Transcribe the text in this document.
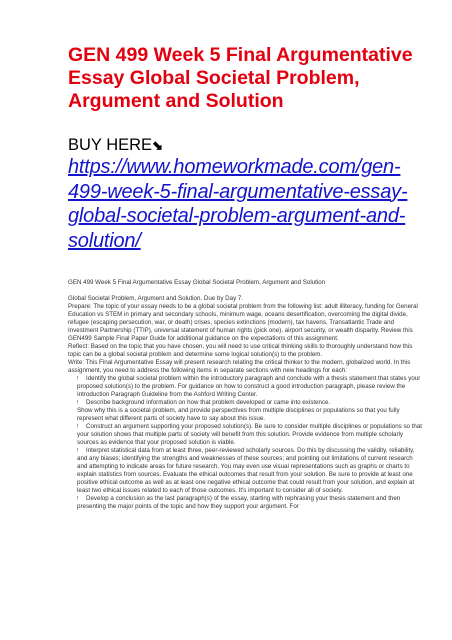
GEN 499 Week 5 Final Argumentative Essay Global Societal Problem, Argument and Solution
BUY HERE⬊
https://www.homeworkmade.com/gen-499-week-5-final-argumentative-essay-global-societal-problem-argument-and-solution/

GEN 499 Week 5 Final Argumentative Essay Global Societal Problem, Argument and Solution

Global Societal Problem, Argument and Solution. Due by Day 7.

Prepare: The topic of your essay needs to be a global societal problem from the following list: adult illiteracy, funding for General Education vs STEM in primary and secondary schools, minimum wage, oceans desertification, overcoming the digital divide, refugee (escaping persecution, war, or death) crises, species extinctions (modern), tax havens, Transatlantic Trade and Investment Partnership (TTIP), universal statement of human rights (pick one), airport security, or wealth disparity. Review this GEN499 Sample Final Paper Guide for additional guidance on the expectations of this assignment.

Reflect: Based on the topic that you have chosen, you will need to use critical thinking skills to thoroughly understand how this topic can be a global societal problem and determine some logical solution(s) to the problem.

Write: This Final Argumentative Essay will present research relating the critical thinker to the modern, globalized world. In this assignment, you need to address the following items in separate sections with new headings for each:

! Identify the global societal problem within the introductory paragraph and conclude with a thesis statement that states your proposed solution(s) to the problem. For guidance on how to construct a good introduction paragraph, please review the Introduction Paragraph Guideline from the Ashford Writing Center.

! Describe background information on how that problem developed or came into existence.

Show why this is a societal problem, and provide perspectives from multiple disciplines or populations so that you fully represent what different parts of society have to say about this issue.

! Construct an argument supporting your proposed solution(s). Be sure to consider multiple disciplines or populations so that your solution shows that multiple parts of society will benefit from this solution. Provide evidence from multiple scholarly sources as evidence that your proposed solution is viable.

! Interpret statistical data from at least three, peer-reviewed scholarly sources. Do this by discussing the validity, reliability, and any biases; identifying the strengths and weaknesses of these sources; and pointing out limitations of current research and attempting to indicate areas for future research. You may even use visual representations such as graphs or charts to explain statistics from sources. Evaluate the ethical outcomes that result from your solution. Be sure to provide at least one positive ethical outcome as well as at least one negative ethical outcome that could result from your solution, and explain at least two ethical issues related to each of those outcomes. It's important to consider all of society.

! Develop a conclusion as the last paragraph(s) of the essay, starting with rephrasing your thesis statement and then presenting the major points of the topic and how they support your argument. For
